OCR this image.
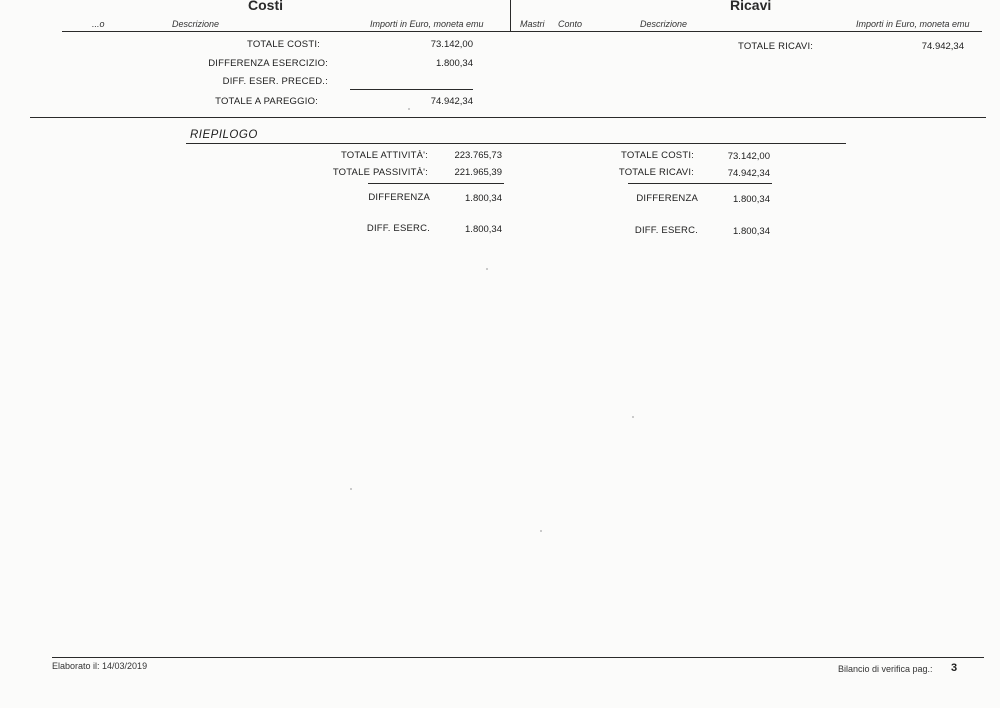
Costi	Ricavi
...o	Descrizione	Importi in Euro, moneta emu	Mastri Conto	Descrizione	Importi in Euro, moneta emu
TOTALE COSTI:	73.142,00
DIFFERENZA ESERCIZIO:	1.800,34
DIFF. ESER. PRECED.:
TOTALE A PAREGGIO:	74.942,34
TOTALE RICAVI:	74.942,34
RIEPILOGO
TOTALE ATTIVITÀ':	223.765,73
TOTALE PASSIVITÀ':	221.965,39
DIFFERENZA	1.800,34
DIFF. ESERC.	1.800,34
TOTALE COSTI:	73.142,00
TOTALE RICAVI:	74.942,34
DIFFERENZA	1.800,34
DIFF. ESERC.	1.800,34
Elaborato il: 14/03/2019	Bilancio di verifica pag.: 3
